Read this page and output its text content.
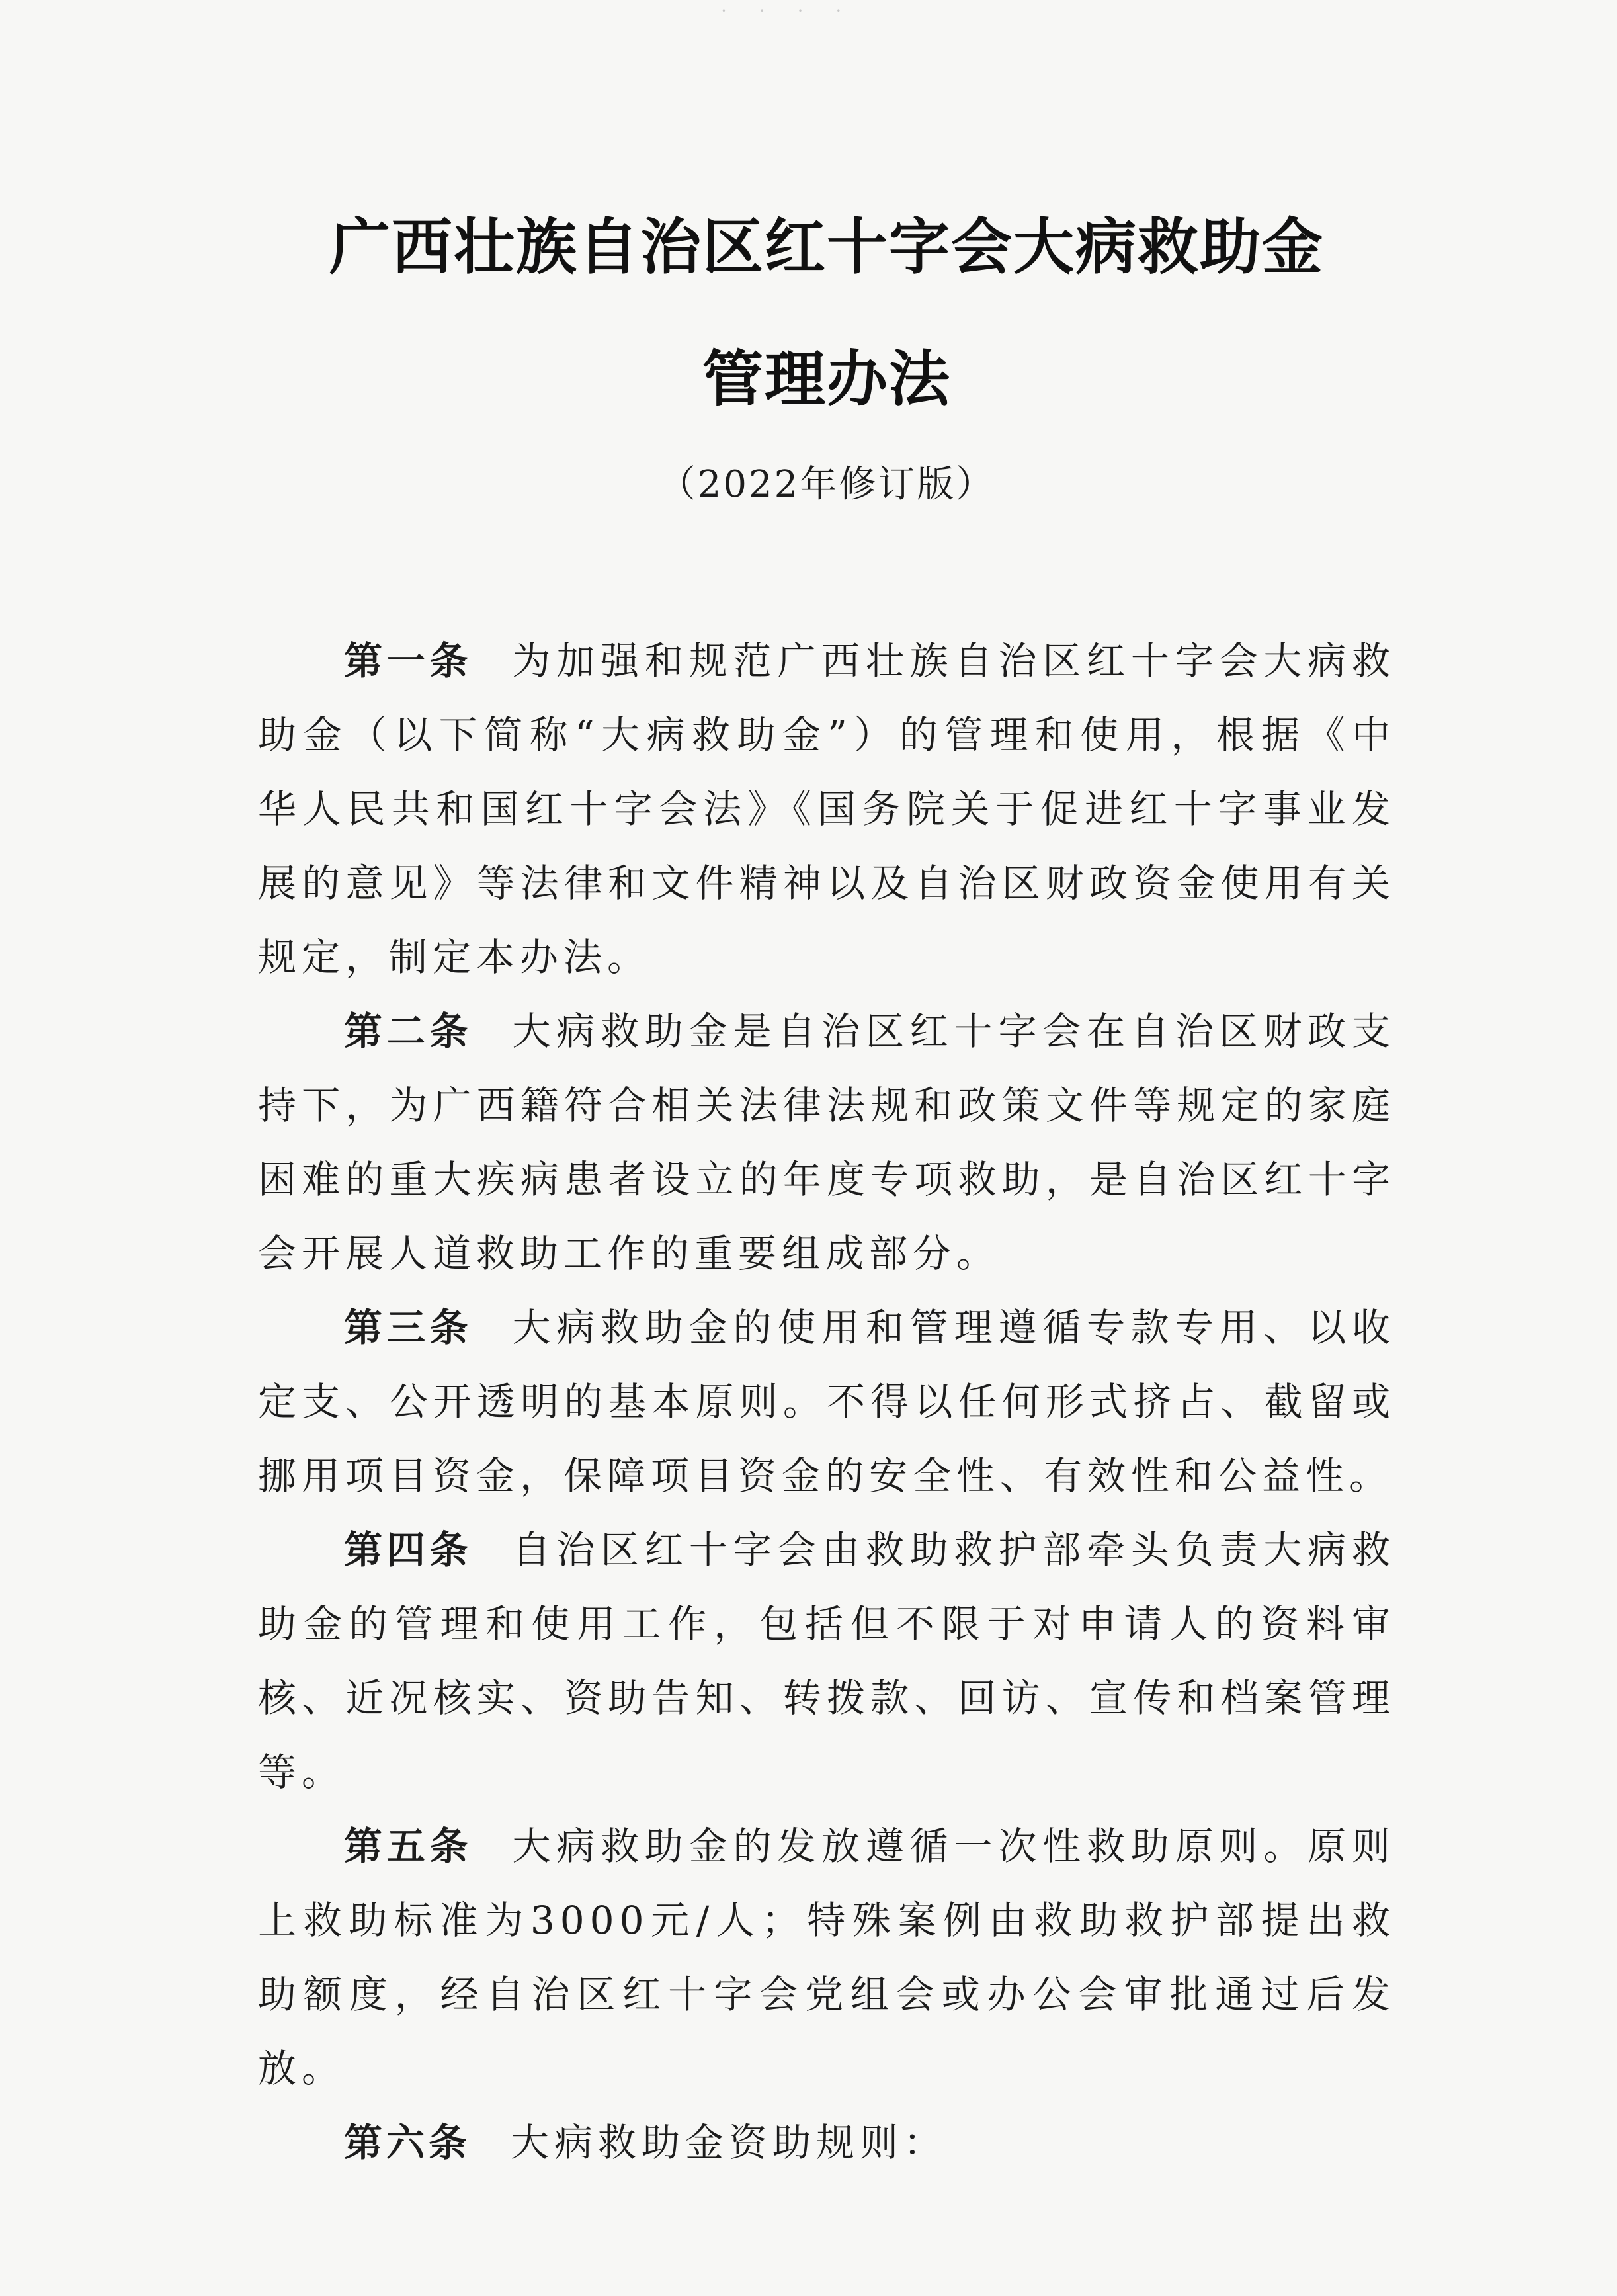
· · · ·
广西壮族自治区红十字会大病救助金
管理办法
（2022年修订版）

第一条 为加强和规范广西壮族自治区红十字会大病救助金（以下简称“大病救助金”）的管理和使用，根据《中华人民共和国红十字会法》《国务院关于促进红十字事业发展的意见》等法律和文件精神以及自治区财政资金使用有关规定，制定本办法。

第二条 大病救助金是自治区红十字会在自治区财政支持下，为广西籍符合相关法律法规和政策文件等规定的家庭困难的重大疾病患者设立的年度专项救助，是自治区红十字会开展人道救助工作的重要组成部分。

第三条 大病救助金的使用和管理遵循专款专用、以收定支、公开透明的基本原则。不得以任何形式挤占、截留或挪用项目资金，保障项目资金的安全性、有效性和公益性。

第四条 自治区红十字会由救助救护部牵头负责大病救助金的管理和使用工作，包括但不限于对申请人的资料审核、近况核实、资助告知、转拨款、回访、宣传和档案管理等。

第五条 大病救助金的发放遵循一次性救助原则。原则上救助标准为3000元/人；特殊案例由救助救护部提出救助额度，经自治区红十字会党组会或办公会审批通过后发放。

第六条 大病救助金资助规则：
